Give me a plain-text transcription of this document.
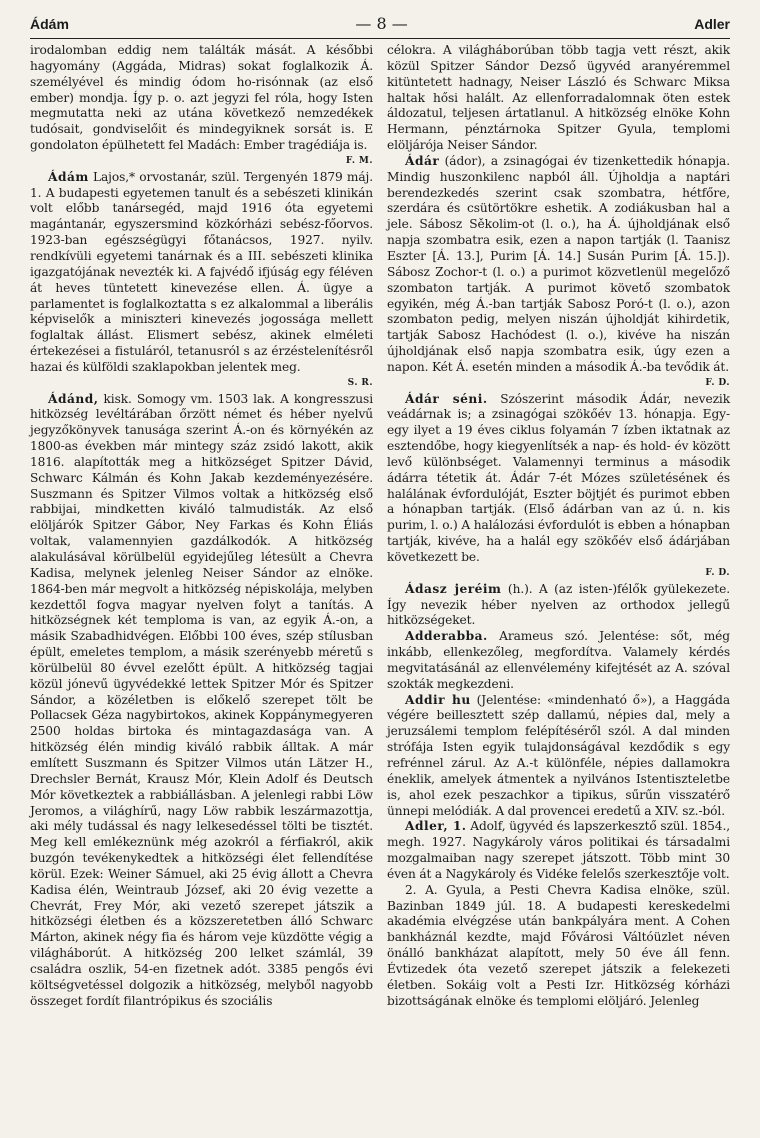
Ádám	— 8 —	Adler

irodalomban eddig nem találták mását. A későbbi hagyomány (Aggáda, Midras) sokat foglalkozik Á. személyével és mindig ódom ho-risónnak (az első ember) mondja. Így p. o. azt jegyzi fel róla, hogy Isten megmutatta neki az utána következő nemzedékek tudósait, gondviselőit és mindegyiknek sorsát is. E gondolaton épülhetett fel Madách: Ember tragédiája is.
F. M.

Ádám Lajos,* orvostanár, szül. Tergenyén 1879 máj. 1. A budapesti egyetemen tanult és a sebészeti klinikán volt előbb tanársegéd, majd 1916 óta egyetemi magántanár, egyszersmind közkórházi sebész-főorvos. 1923-ban egészségügyi főtanácsos, 1927. nyilv. rendkívüli egyetemi tanárnak és a III. sebészeti klinika igazgatójának nevezték ki. A fajvédő ifjúság egy féléven át heves tüntetett kinevezése ellen. Á. ügye a parlamentet is foglalkoztatta s ez alkalommal a liberális képviselők a miniszteri kinevezés jogossága mellett foglaltak állást. Elismert sebész, akinek elméleti értekezései a fistuláról, tetanusról s az érzéstelenítésről hazai és külföldi szaklapokban jelentek meg.
S. R.

Ádánd, kisk. Somogy vm. 1503 lak. A kongresszusi hitközség levéltárában őrzött német és héber nyelvű jegyzőkönyvek tanusága szerint Á.-on és környékén az 1800-as években már mintegy száz zsidó lakott, akik 1816. alapították meg a hitközséget Spitzer Dávid, Schwarc Kálmán és Kohn Jakab kezdeményezésére. Suszmann és Spitzer Vilmos voltak a hitközség első rabbijai, mindketten kiváló talmudisták. Az első elöljárók Spitzer Gábor, Ney Farkas és Kohn Éliás voltak, valamennyien gazdálkodók. A hitközség alakulásával körülbelül egyidejűleg létesült a Chevra Kadisa, melynek jelenleg Neiser Sándor az elnöke. 1864-ben már megvolt a hitközség népiskolája, melyben kezdettől fogva magyar nyelven folyt a tanítás. A hitközségnek két temploma is van, az egyik Á.-on, a másik Szabadhidvégen. Előbbi 100 éves, szép stílusban épült, emeletes templom, a másik szerényebb méretű s körülbelül 80 évvel ezelőtt épült. A hitközség tagjai közül jónevű ügyvédekké lettek Spitzer Mór és Spitzer Sándor, a közéletben is előkelő szerepet tölt be Pollacsek Géza nagybirtokos, akinek Koppánymegyeren 2500 holdas birtoka és mintagazdasága van. A hitközség élén mindig kiváló rabbik álltak. A már említett Suszmann és Spitzer Vilmos után Lätzer H., Drechsler Bernát, Krausz Mór, Klein Adolf és Deutsch Mór következtek a rabbiállásban. A jelenlegi rabbi Löw Jeromos, a világhírű, nagy Löw rabbik leszármazottja, aki mély tudással és nagy lelkesedéssel tölti be tisztét. Meg kell emlékeznünk még azokról a férfiakról, akik buzgón tevékenykedtek a hitközségi élet fellendítése körül. Ezek: Weiner Sámuel, aki 25 évig állott a Chevra Kadisa élén, Weintraub József, aki 20 évig vezette a Chevrát, Frey Mór, aki vezető szerepet játszik a hitközségi életben és a közszeretetben álló Schwarc Márton, akinek négy fia és három veje küzdötte végig a világháborút. A hitközség 200 lelket számlál, 39 családra oszlik, 54-en fizetnek adót. 3385 pengős évi költségvetéssel dolgozik a hitközség, melyből nagyobb összeget fordít filantrópikus és szociális

célokra. A világháborúban több tagja vett részt, akik közül Spitzer Sándor Dezső ügyvéd aranyéremmel kitüntetett hadnagy, Neiser László és Schwarc Miksa haltak hősi halált. Az ellenforradalomnak öten estek áldozatul, teljesen ártatlanul. A hitközség elnöke Kohn Hermann, pénztárnoka Spitzer Gyula, templomi elöljárója Neiser Sándor.

Ádár (ádor), a zsinagógai év tizenkettedik hónapja. Mindig huszonkilenc napból áll. Újholdja a naptári berendezkedés szerint csak szombatra, hétfőre, szerdára és csütörtökre eshetik. A zodiákusban hal a jele. Sábosz Sěkolim-ot (l. o.), ha Á. újholdjának első napja szombatra esik, ezen a napon tartják (l. Taanisz Eszter [Á. 13.], Purim [Á. 14.] Susán Purim [Á. 15.]). Sábosz Zochor-t (l. o.) a purimot közvetlenül megelőző szombaton tartják. A purimot követő szombatok egyikén, még Á.-ban tartják Sabosz Poró-t (l. o.), azon szombaton pedig, melyen niszán újholdját kihirdetik, tartják Sabosz Hachódest (l. o.), kivéve ha niszán újholdjának első napja szombatra esik, úgy ezen a napon. Két Á. esetén minden a második Á.-ba tevődik át.
F. D.

Ádár séni. Szószerint második Ádár, nevezik veádárnak is; a zsinagógai szökőév 13. hónapja. Egy-egy ilyet a 19 éves ciklus folyamán 7 ízben iktatnak az esztendőbe, hogy kiegyenlítsék a nap- és hold- év között levő különbséget. Valamennyi terminus a második ádárra tétetik át. Ádár 7-ét Mózes születésének és halálának évfordulóját, Eszter böjtjét és purimot ebben a hónapban tartják. (Első ádárban van az ú. n. kis purim, l. o.) A halálozási évfordulót is ebben a hónapban tartják, kivéve, ha a halál egy szökőév első ádárjában következett be.
F. D.

Ádasz jeréim (h.). A (az isten-)félők gyülekezete. Így nevezik héber nyelven az orthodox jellegű hitközségeket.

Adderabba. Arameus szó. Jelentése: sőt, még inkább, ellenkezőleg, megfordítva. Valamely kérdés megvitatásánál az ellenvélemény kifejtését az A. szóval szokták megkezdeni.

Addir hu (Jelentése: «mindenható ő»), a Haggáda végére beillesztett szép dallamú, népies dal, mely a jeruzsálemi templom felépítéséről szól. A dal minden strófája Isten egyik tulajdonságával kezdődik s egy refrénnel zárul. Az A.-t különféle, népies dallamokra éneklik, amelyek átmentek a nyilvános Istentiszteletbe is, ahol ezek peszachkor a tipikus, sűrűn visszatérő ünnepi melódiák. A dal provencei eredetű a XIV. sz.-ból.

Adler, 1. Adolf, ügyvéd és lapszerkesztő szül. 1854., megh. 1927. Nagykároly város politikai és társadalmi mozgalmaiban nagy szerepet játszott. Több mint 30 éven át a Nagykároly és Vidéke felelős szerkesztője volt.

2. A. Gyula, a Pesti Chevra Kadisa elnöke, szül. Bazinban 1849 júl. 18. A budapesti kereskedelmi akadémia elvégzése után bankpályára ment. A Cohen bankháznál kezdte, majd Fővárosi Váltóüzlet néven önálló bankházat alapított, mely 50 éve áll fenn. Évtizedek óta vezető szerepet játszik a felekezeti életben. Sokáig volt a Pesti Izr. Hitközség kórházi bizottságának elnöke és templomi elöljáró. Jelenleg
